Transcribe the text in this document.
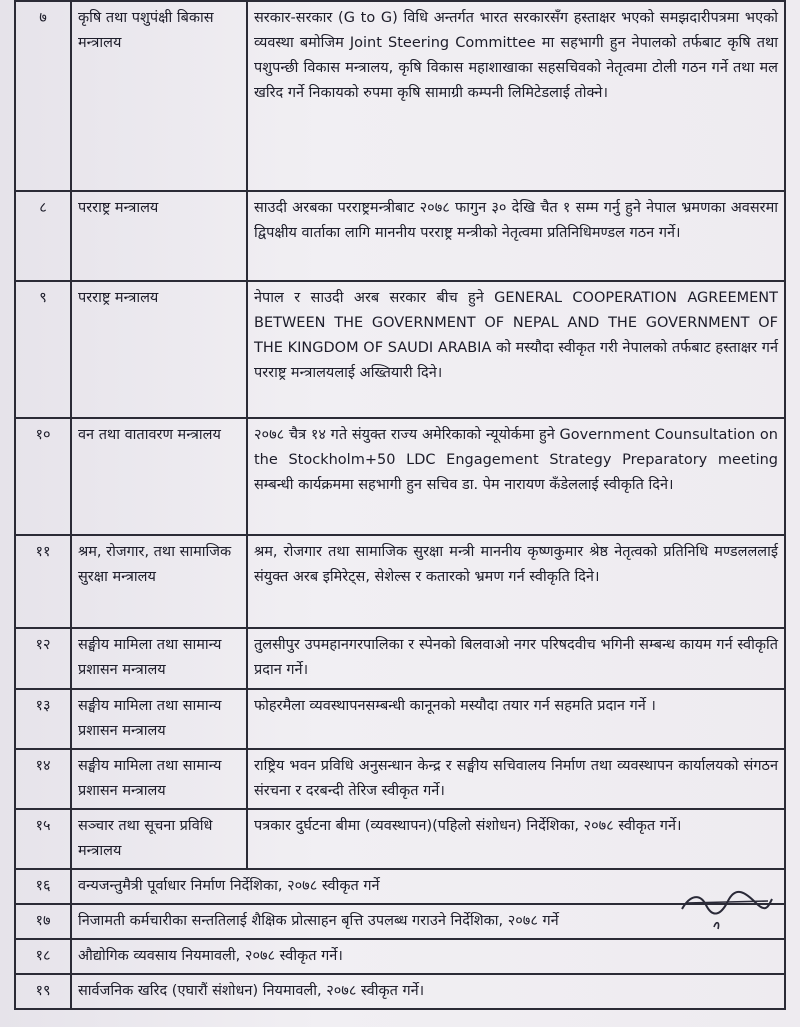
७	कृषि तथा पशुपंक्षी बिकास मन्त्रालय	सरकार-सरकार (G to G) विधि अन्तर्गत भारत सरकारसँग हस्ताक्षर भएको समझदारीपत्रमा भएको व्यवस्था बमोजिम Joint Steering Committee मा सहभागी हुन नेपालको तर्फबाट कृषि तथा पशुपन्छी विकास मन्त्रालय, कृषि विकास महाशाखाका सहसचिवको नेतृत्वमा टोली गठन गर्ने तथा मल खरिद गर्ने निकायको रुपमा कृषि सामाग्री कम्पनी लिमिटेडलाई तोक्ने।
८	परराष्ट्र मन्त्रालय	साउदी अरबका परराष्ट्रमन्त्रीबाट २०७८ फागुन ३० देखि चैत १ सम्म गर्नु हुने नेपाल भ्रमणका अवसरमा द्विपक्षीय वार्ताका लागि माननीय परराष्ट्र मन्त्रीको नेतृत्वमा प्रतिनिधिमण्डल गठन गर्ने।
९	परराष्ट्र मन्त्रालय	नेपाल र साउदी अरब सरकार बीच हुने GENERAL COOPERATION AGREEMENT BETWEEN THE GOVERNMENT OF NEPAL AND THE GOVERNMENT OF THE KINGDOM OF SAUDI ARABIA को मस्यौदा स्वीकृत गरी नेपालको तर्फबाट हस्ताक्षर गर्न परराष्ट्र मन्त्रालयलाई अख्तियारी दिने।
१०	वन तथा वातावरण मन्त्रालय	२०७८ चैत्र १४ गते संयुक्त राज्य अमेरिकाको न्यूयोर्कमा हुने Government Counsultation on the Stockholm+50 LDC Engagement Strategy Preparatory meeting सम्बन्धी कार्यक्रममा सहभागी हुन सचिव डा. पेम नारायण कँडेललाई स्वीकृति दिने।
११	श्रम, रोजगार, तथा सामाजिक सुरक्षा मन्त्रालय	श्रम, रोजगार तथा सामाजिक सुरक्षा मन्त्री माननीय कृष्णकुमार श्रेष्ठ नेतृत्वको प्रतिनिधि मण्डलललाई संयुक्त अरब इमिरेट्स, सेशेल्स र कतारको भ्रमण गर्न स्वीकृति दिने।
१२	सङ्घीय मामिला तथा सामान्य प्रशासन मन्त्रालय	तुलसीपुर उपमहानगरपालिका र स्पेनको बिलवाओ नगर परिषदवीच भगिनी सम्बन्ध कायम गर्न स्वीकृति प्रदान गर्ने।
१३	सङ्घीय मामिला तथा सामान्य प्रशासन मन्त्रालय	फोहरमैला व्यवस्थापनसम्बन्धी कानूनको मस्यौदा तयार गर्न सहमति प्रदान गर्ने ।
१४	सङ्घीय मामिला तथा सामान्य प्रशासन मन्त्रालय	राष्ट्रिय भवन प्रविधि अनुसन्धान केन्द्र र सङ्घीय सचिवालय निर्माण तथा व्यवस्थापन कार्यालयको संगठन संरचना र दरबन्दी तेरिज स्वीकृत गर्ने।
१५	सञ्चार तथा सूचना प्रविधि मन्त्रालय	पत्रकार दुर्घटना बीमा (व्यवस्थापन)(पहिलो संशोधन) निर्देशिका, २०७८ स्वीकृत गर्ने।
१६	वन्यजन्तुमैत्री पूर्वाधार निर्माण निर्देशिका, २०७८ स्वीकृत गर्ने	
१७	निजामती कर्मचारीका सन्ततिलाई शैक्षिक प्रोत्साहन बृत्ति उपलब्ध गराउने निर्देशिका, २०७८ गर्ने	
१८	औद्योगिक व्यवसाय नियमावली, २०७८ स्वीकृत गर्ने।	
१९	सार्वजनिक खरिद (एघारौं संशोधन) नियमावली, २०७८ स्वीकृत गर्ने।	
